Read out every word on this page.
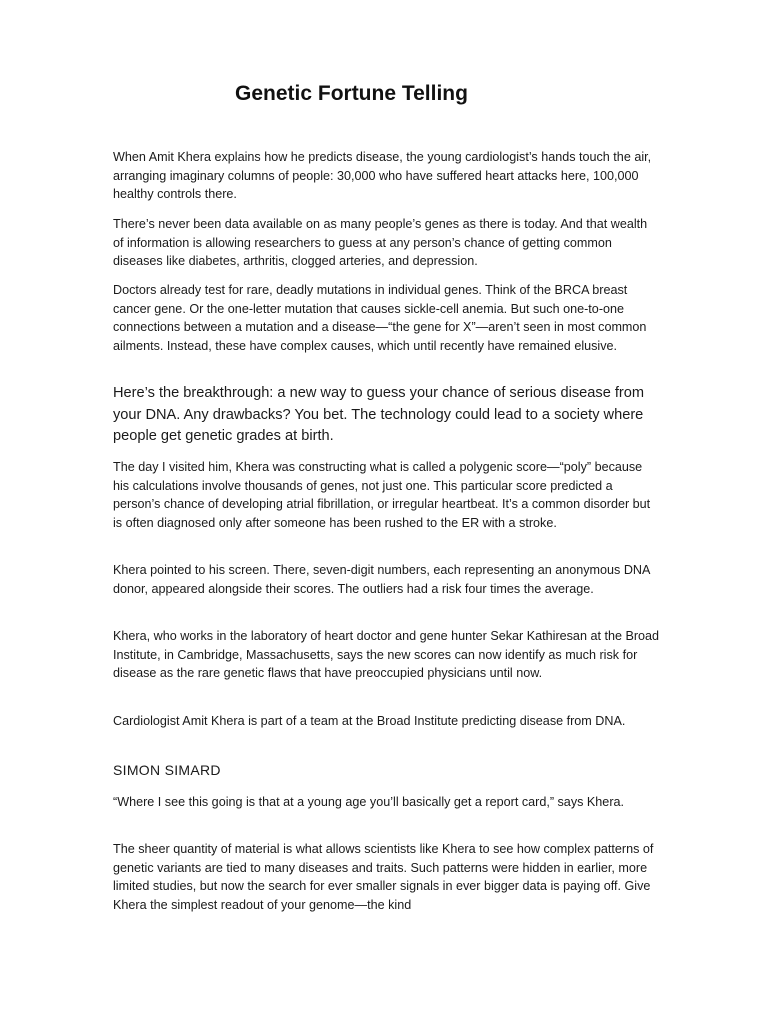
Genetic Fortune Telling

When Amit Khera explains how he predicts disease, the young cardiologist’s hands touch the air, arranging imaginary columns of people: 30,000 who have suffered heart attacks here, 100,000 healthy controls there.

There’s never been data available on as many people’s genes as there is today. And that wealth of information is allowing researchers to guess at any person’s chance of getting common diseases like diabetes, arthritis, clogged arteries, and depression.

Doctors already test for rare, deadly mutations in individual genes. Think of the BRCA breast cancer gene. Or the one-letter mutation that causes sickle-cell anemia. But such one-to-one connections between a mutation and a disease—“the gene for X”—aren’t seen in most common ailments. Instead, these have complex causes, which until recently have remained elusive.

Here’s the breakthrough: a new way to guess your chance of serious disease from your DNA. Any drawbacks? You bet. The technology could lead to a society where people get genetic grades at birth.

The day I visited him, Khera was constructing what is called a polygenic score—“poly” because his calculations involve thousands of genes, not just one. This particular score predicted a person’s chance of developing atrial fibrillation, or irregular heartbeat. It’s a common disorder but is often diagnosed only after someone has been rushed to the ER with a stroke.

Khera pointed to his screen. There, seven-digit numbers, each representing an anonymous DNA donor, appeared alongside their scores. The outliers had a risk four times the average.

Khera, who works in the laboratory of heart doctor and gene hunter Sekar Kathiresan at the Broad Institute, in Cambridge, Massachusetts, says the new scores can now identify as much risk for disease as the rare genetic flaws that have preoccupied physicians until now.

Cardiologist Amit Khera is part of a team at the Broad Institute predicting disease from DNA.

SIMON SIMARD

“Where I see this going is that at a young age you’ll basically get a report card,” says Khera.

The sheer quantity of material is what allows scientists like Khera to see how complex patterns of genetic variants are tied to many diseases and traits. Such patterns were hidden in earlier, more limited studies, but now the search for ever smaller signals in ever bigger data is paying off. Give Khera the simplest readout of your genome—the kind
